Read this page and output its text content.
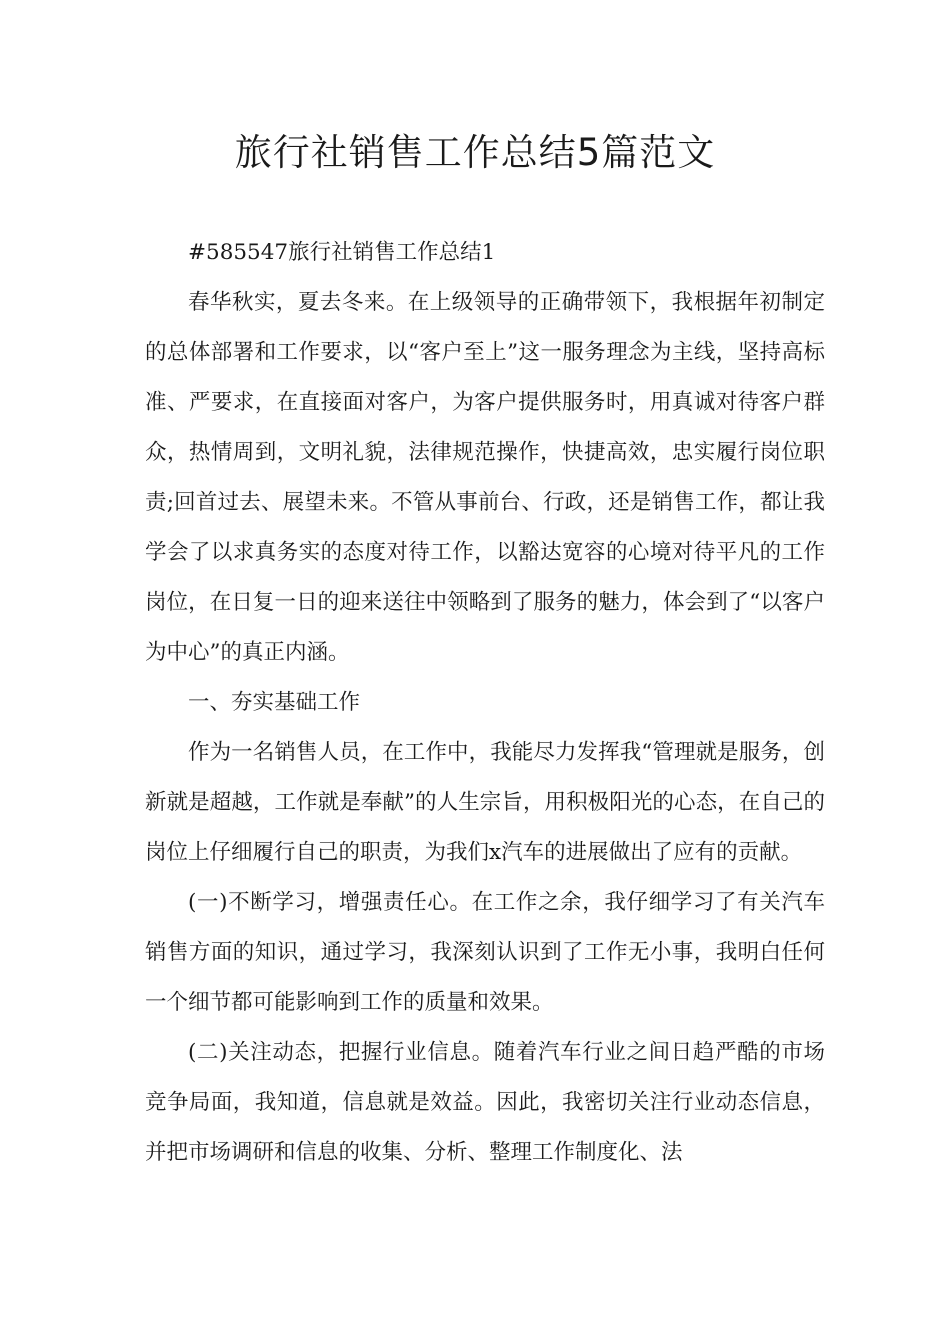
旅行社销售工作总结5篇范文

#585547旅行社销售工作总结1

春华秋实，夏去冬来。在上级领导的正确带领下，我根据年初制定的总体部署和工作要求，以“客户至上”这一服务理念为主线，坚持高标准、严要求，在直接面对客户，为客户提供服务时，用真诚对待客户群众，热情周到，文明礼貌，法律规范操作，快捷高效，忠实履行岗位职责;回首过去、展望未来。不管从事前台、行政，还是销售工作，都让我学会了以求真务实的态度对待工作，以豁达宽容的心境对待平凡的工作岗位，在日复一日的迎来送往中领略到了服务的魅力，体会到了“以客户为中心”的真正内涵。

一、夯实基础工作

作为一名销售人员，在工作中，我能尽力发挥我“管理就是服务，创新就是超越，工作就是奉献”的人生宗旨，用积极阳光的心态，在自己的岗位上仔细履行自己的职责，为我们x汽车的进展做出了应有的贡献。

(一)不断学习，增强责任心。在工作之余，我仔细学习了有关汽车销售方面的知识，通过学习，我深刻认识到了工作无小事，我明白任何一个细节都可能影响到工作的质量和效果。

(二)关注动态，把握行业信息。随着汽车行业之间日趋严酷的市场竞争局面，我知道，信息就是效益。因此，我密切关注行业动态信息，并把市场调研和信息的收集、分析、整理工作制度化、法
